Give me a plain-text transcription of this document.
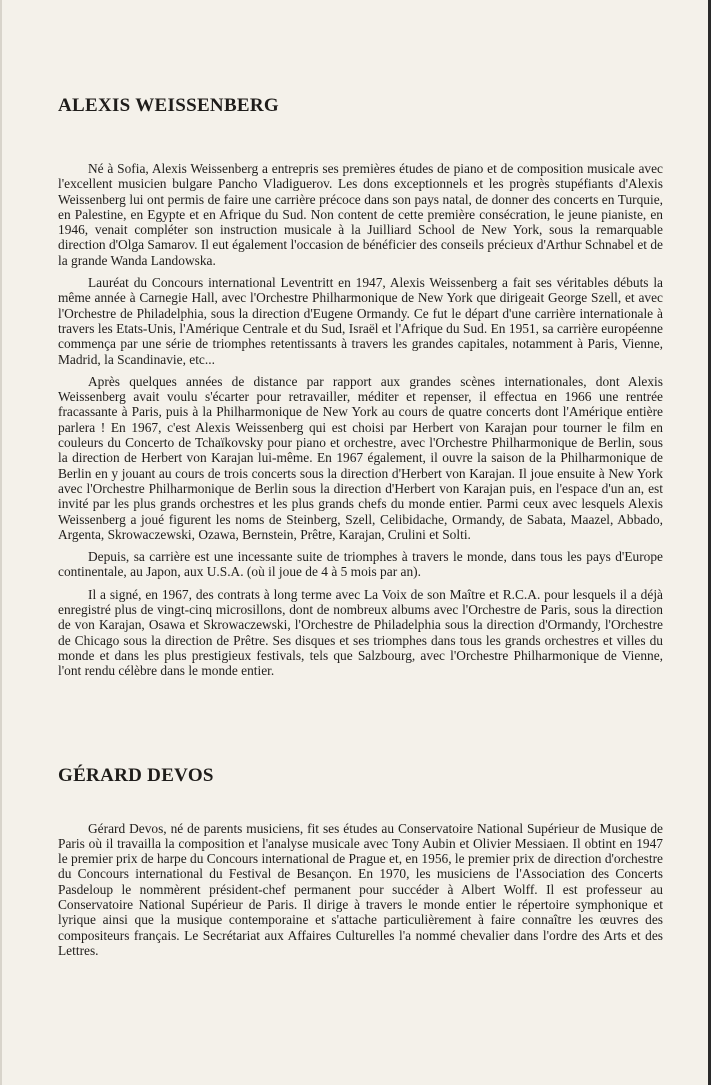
ALEXIS WEISSENBERG

Né à Sofia, Alexis Weissenberg a entrepris ses premières études de piano et de composition musicale avec l'excellent musicien bulgare Pancho Vladiguerov. Les dons exceptionnels et les progrès stupéfiants d'Alexis Weissenberg lui ont permis de faire une carrière précoce dans son pays natal, de donner des concerts en Turquie, en Palestine, en Egypte et en Afrique du Sud. Non content de cette première consécration, le jeune pianiste, en 1946, venait compléter son instruction musicale à la Juilliard School de New York, sous la remarquable direction d'Olga Samarov. Il eut également l'occasion de bénéficier des conseils précieux d'Arthur Schnabel et de la grande Wanda Landowska.

Lauréat du Concours international Leventritt en 1947, Alexis Weissenberg a fait ses véritables débuts la même année à Carnegie Hall, avec l'Orchestre Philharmonique de New York que dirigeait George Szell, et avec l'Orchestre de Philadelphia, sous la direction d'Eugene Ormandy. Ce fut le départ d'une carrière internationale à travers les Etats-Unis, l'Amérique Centrale et du Sud, Israël et l'Afrique du Sud. En 1951, sa carrière européenne commença par une série de triomphes retentissants à travers les grandes capitales, notamment à Paris, Vienne, Madrid, la Scandinavie, etc...

Après quelques années de distance par rapport aux grandes scènes internationales, dont Alexis Weissenberg avait voulu s'écarter pour retravailler, méditer et repenser, il effectua en 1966 une rentrée fracassante à Paris, puis à la Philharmonique de New York au cours de quatre concerts dont l'Amérique entière parlera ! En 1967, c'est Alexis Weissenberg qui est choisi par Herbert von Karajan pour tourner le film en couleurs du Concerto de Tchaïkovsky pour piano et orchestre, avec l'Orchestre Philharmonique de Berlin, sous la direction de Herbert von Karajan lui-même. En 1967 également, il ouvre la saison de la Philharmonique de Berlin en y jouant au cours de trois concerts sous la direction d'Herbert von Karajan. Il joue ensuite à New York avec l'Orchestre Philharmonique de Berlin sous la direction d'Herbert von Karajan puis, en l'espace d'un an, est invité par les plus grands orchestres et les plus grands chefs du monde entier. Parmi ceux avec lesquels Alexis Weissenberg a joué figurent les noms de Steinberg, Szell, Celibidache, Ormandy, de Sabata, Maazel, Abbado, Argenta, Skrowaczewski, Ozawa, Bernstein, Prêtre, Karajan, Crulini et Solti.

Depuis, sa carrière est une incessante suite de triomphes à travers le monde, dans tous les pays d'Europe continentale, au Japon, aux U.S.A. (où il joue de 4 à 5 mois par an).

Il a signé, en 1967, des contrats à long terme avec La Voix de son Maître et R.C.A. pour lesquels il a déjà enregistré plus de vingt-cinq microsillons, dont de nombreux albums avec l'Orchestre de Paris, sous la direction de von Karajan, Osawa et Skrowaczewski, l'Orchestre de Philadelphia sous la direction d'Ormandy, l'Orchestre de Chicago sous la direction de Prêtre. Ses disques et ses triomphes dans tous les grands orchestres et villes du monde et dans les plus prestigieux festivals, tels que Salzbourg, avec l'Orchestre Philharmonique de Vienne, l'ont rendu célèbre dans le monde entier.

GÉRARD DEVOS

Gérard Devos, né de parents musiciens, fit ses études au Conservatoire National Supérieur de Musique de Paris où il travailla la composition et l'analyse musicale avec Tony Aubin et Olivier Messiaen. Il obtint en 1947 le premier prix de harpe du Concours international de Prague et, en 1956, le premier prix de direction d'orchestre du Concours international du Festival de Besançon. En 1970, les musiciens de l'Association des Concerts Pasdeloup le nommèrent président-chef permanent pour succéder à Albert Wolff. Il est professeur au Conservatoire National Supérieur de Paris. Il dirige à travers le monde entier le répertoire symphonique et lyrique ainsi que la musique contemporaine et s'attache particulièrement à faire connaître les œuvres des compositeurs français. Le Secrétariat aux Affaires Culturelles l'a nommé chevalier dans l'ordre des Arts et des Lettres.
